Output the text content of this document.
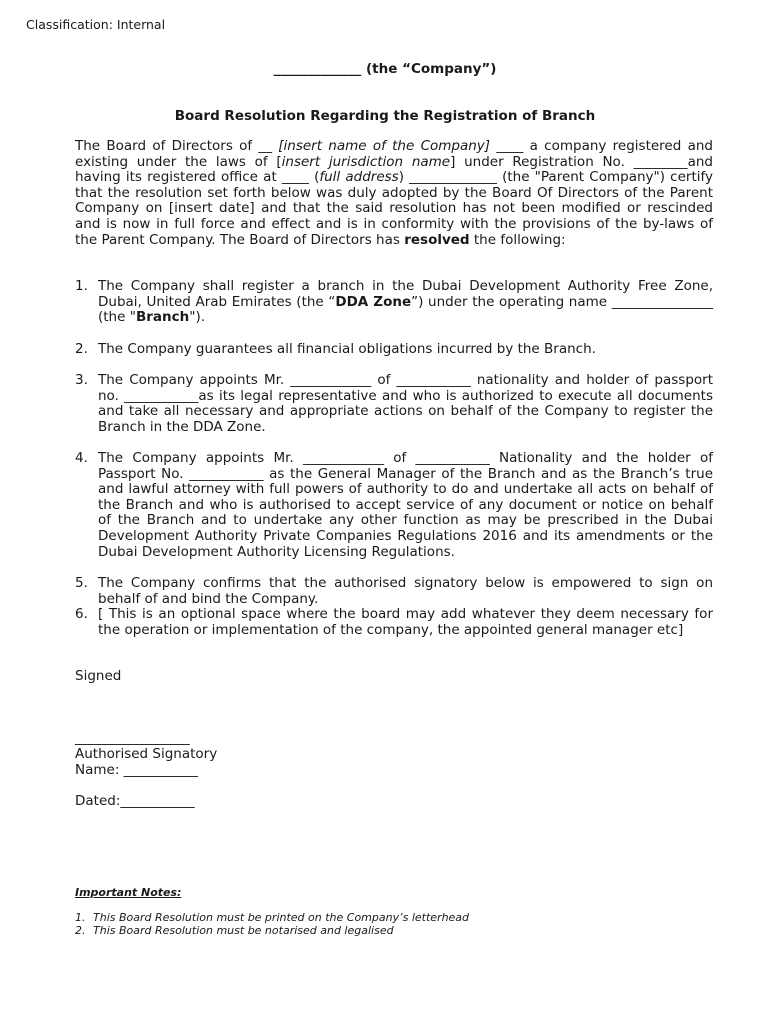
Classification: Internal
_____________ (the “Company”)
Board Resolution Regarding the Registration of Branch
The Board of Directors of __ [insert name of the Company] ____ a company registered and existing under the laws of [insert jurisdiction name] under Registration No. ________and having its registered office at ____ (full address) _____________ (the "Parent Company") certify that the resolution set forth below was duly adopted by the Board Of Directors of the Parent Company on [insert date] and that the said resolution has not been modified or rescinded and is now in full force and effect and is in conformity with the provisions of the by-laws of the Parent Company. The Board of Directors has resolved the following:
1. The Company shall register a branch in the Dubai Development Authority Free Zone, Dubai, United Arab Emirates (the “DDA Zone”) under the operating name _______________ (the "Branch").
2. The Company guarantees all financial obligations incurred by the Branch.
3. The Company appoints Mr. ____________ of ___________ nationality and holder of passport no. ___________as its legal representative and who is authorized to execute all documents and take all necessary and appropriate actions on behalf of the Company to register the Branch in the DDA Zone.
4. The Company appoints Mr. ____________ of ___________ Nationality and the holder of Passport No. ___________ as the General Manager of the Branch and as the Branch’s true and lawful attorney with full powers of authority to do and undertake all acts on behalf of the Branch and who is authorised to accept service of any document or notice on behalf of the Branch and to undertake any other function as may be prescribed in the Dubai Development Authority Private Companies Regulations 2016 and its amendments or the Dubai Development Authority Licensing Regulations.
5. The Company confirms that the authorised signatory below is empowered to sign on behalf of and bind the Company.
6. [ This is an optional space where the board may add whatever they deem necessary for the operation or implementation of the company, the appointed general manager etc]
Signed
_________________
Authorised Signatory
Name: ___________
Dated:___________
Important Notes:
1. This Board Resolution must be printed on the Company’s letterhead
2. This Board Resolution must be notarised and legalised
